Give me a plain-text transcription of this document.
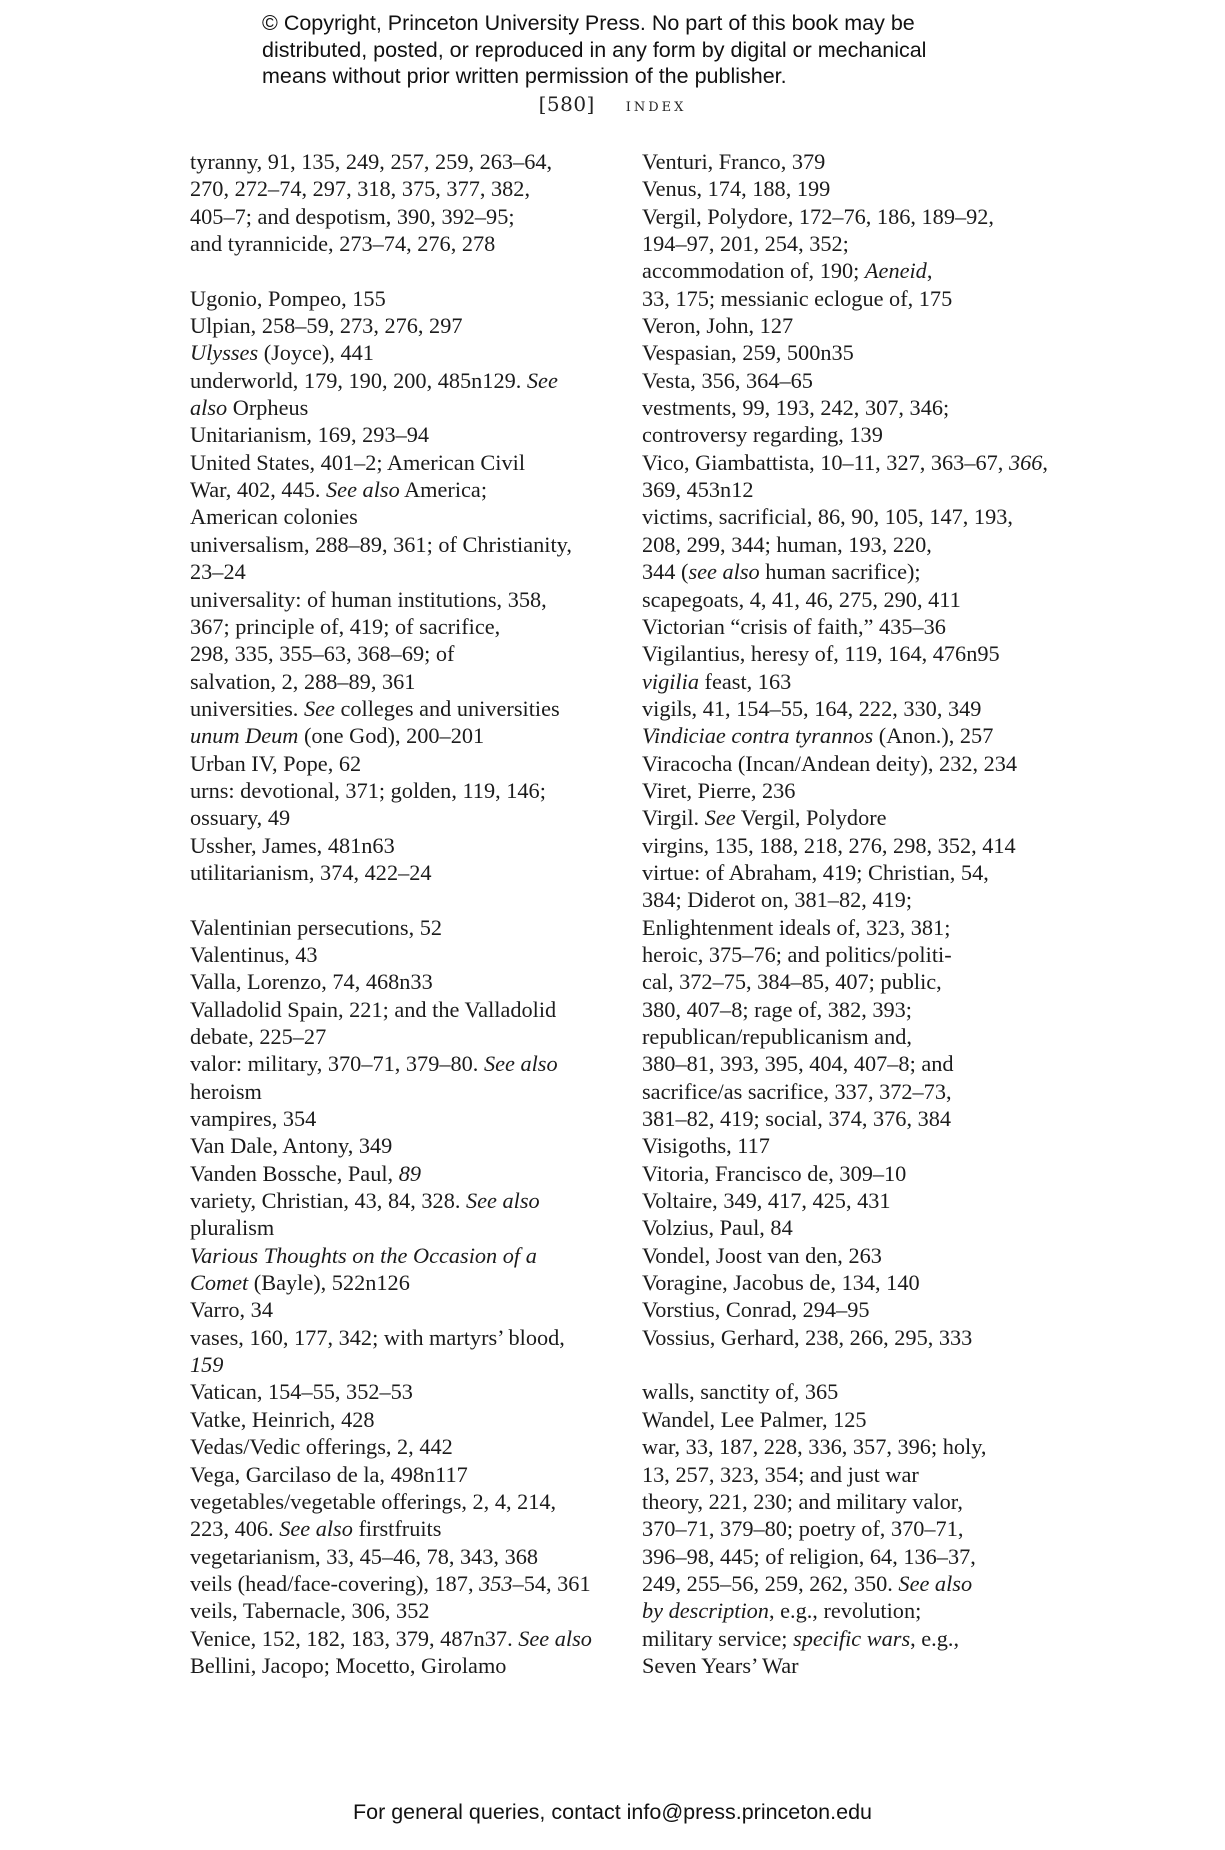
© Copyright, Princeton University Press. No part of this book may be
distributed, posted, or reproduced in any form by digital or mechanical
means without prior written permission of the publisher.
[580] index
tyranny, 91, 135, 249, 257, 259, 263–64,
270, 272–74, 297, 318, 375, 377, 382,
405–7; and despotism, 390, 392–95;
and tyrannicide, 273–74, 276, 278
Ugonio, Pompeo, 155
Ulpian, 258–59, 273, 276, 297
Ulysses (Joyce), 441
underworld, 179, 190, 200, 485n129. See
also Orpheus
Unitarianism, 169, 293–94
United States, 401–2; American Civil
War, 402, 445. See also America;
American colonies
universalism, 288–89, 361; of Christianity,
23–24
universality: of human institutions, 358,
367; principle of, 419; of sacrifice,
298, 335, 355–63, 368–69; of
salvation, 2, 288–89, 361
universities. See colleges and universities
unum Deum (one God), 200–201
Urban IV, Pope, 62
urns: devotional, 371; golden, 119, 146;
ossuary, 49
Ussher, James, 481n63
utilitarianism, 374, 422–24
Valentinian persecutions, 52
Valentinus, 43
Valla, Lorenzo, 74, 468n33
Valladolid Spain, 221; and the Valladolid
debate, 225–27
valor: military, 370–71, 379–80. See also
heroism
vampires, 354
Van Dale, Antony, 349
Vanden Bossche, Paul, 89
variety, Christian, 43, 84, 328. See also
pluralism
Various Thoughts on the Occasion of a
Comet (Bayle), 522n126
Varro, 34
vases, 160, 177, 342; with martyrs’ blood,
159
Vatican, 154–55, 352–53
Vatke, Heinrich, 428
Vedas/Vedic offerings, 2, 442
Vega, Garcilaso de la, 498n117
vegetables/vegetable offerings, 2, 4, 214,
223, 406. See also firstfruits
vegetarianism, 33, 45–46, 78, 343, 368
veils (head/face-covering), 187, 353–54, 361
veils, Tabernacle, 306, 352
Venice, 152, 182, 183, 379, 487n37. See also
Bellini, Jacopo; Mocetto, Girolamo
Venturi, Franco, 379
Venus, 174, 188, 199
Vergil, Polydore, 172–76, 186, 189–92,
194–97, 201, 254, 352;
accommodation of, 190; Aeneid,
33, 175; messianic eclogue of, 175
Veron, John, 127
Vespasian, 259, 500n35
Vesta, 356, 364–65
vestments, 99, 193, 242, 307, 346;
controversy regarding, 139
Vico, Giambattista, 10–11, 327, 363–67, 366,
369, 453n12
victims, sacrificial, 86, 90, 105, 147, 193,
208, 299, 344; human, 193, 220,
344 (see also human sacrifice);
scapegoats, 4, 41, 46, 275, 290, 411
Victorian “crisis of faith,” 435–36
Vigilantius, heresy of, 119, 164, 476n95
vigilia feast, 163
vigils, 41, 154–55, 164, 222, 330, 349
Vindiciae contra tyrannos (Anon.), 257
Viracocha (Incan/Andean deity), 232, 234
Viret, Pierre, 236
Virgil. See Vergil, Polydore
virgins, 135, 188, 218, 276, 298, 352, 414
virtue: of Abraham, 419; Christian, 54,
384; Diderot on, 381–82, 419;
Enlightenment ideals of, 323, 381;
heroic, 375–76; and politics/politi-
cal, 372–75, 384–85, 407; public,
380, 407–8; rage of, 382, 393;
republican/republicanism and,
380–81, 393, 395, 404, 407–8; and
sacrifice/as sacrifice, 337, 372–73,
381–82, 419; social, 374, 376, 384
Visigoths, 117
Vitoria, Francisco de, 309–10
Voltaire, 349, 417, 425, 431
Volzius, Paul, 84
Vondel, Joost van den, 263
Voragine, Jacobus de, 134, 140
Vorstius, Conrad, 294–95
Vossius, Gerhard, 238, 266, 295, 333
walls, sanctity of, 365
Wandel, Lee Palmer, 125
war, 33, 187, 228, 336, 357, 396; holy,
13, 257, 323, 354; and just war
theory, 221, 230; and military valor,
370–71, 379–80; poetry of, 370–71,
396–98, 445; of religion, 64, 136–37,
249, 255–56, 259, 262, 350. See also
by description, e.g., revolution;
military service; specific wars, e.g.,
Seven Years’ War
For general queries, contact info@press.princeton.edu
